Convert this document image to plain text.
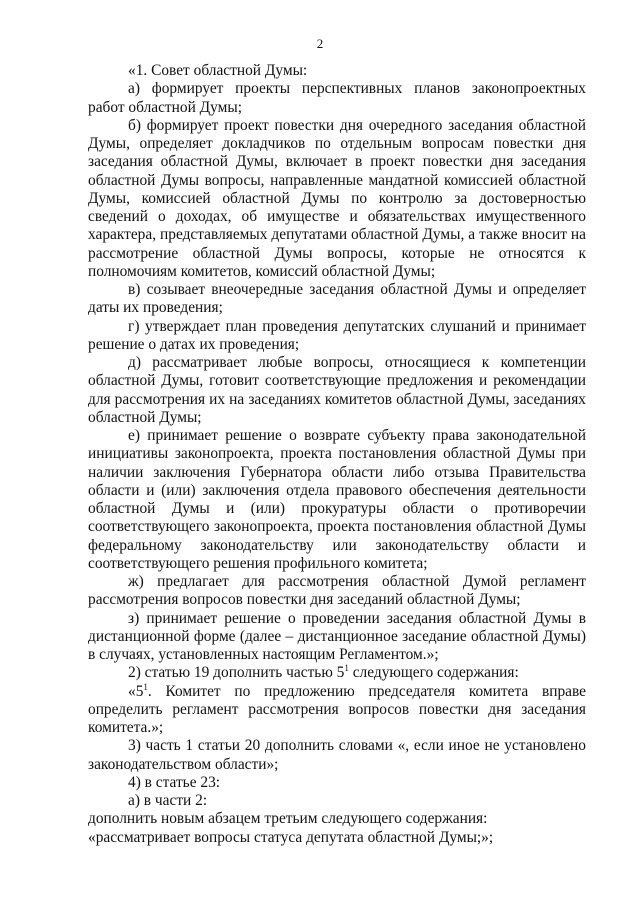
2

«1. Совет областной Думы:

а) формирует проекты перспективных планов законопроектных работ областной Думы;

б) формирует проект повестки дня очередного заседания областной Думы, определяет докладчиков по отдельным вопросам повестки дня заседания областной Думы, включает в проект повестки дня заседания областной Думы вопросы, направленные мандатной комиссией областной Думы, комиссией областной Думы по контролю за достоверностью сведений о доходах, об имуществе и обязательствах имущественного характера, представляемых депутатами областной Думы, а также вносит на рассмотрение областной Думы вопросы, которые не относятся к полномочиям комитетов, комиссий областной Думы;

в) созывает внеочередные заседания областной Думы и определяет даты их проведения;

г) утверждает план проведения депутатских слушаний и принимает решение о датах их проведения;

д) рассматривает любые вопросы, относящиеся к компетенции областной Думы, готовит соответствующие предложения и рекомендации для рассмотрения их на заседаниях комитетов областной Думы, заседаниях областной Думы;

е) принимает решение о возврате субъекту права законодательной инициативы законопроекта, проекта постановления областной Думы при наличии заключения Губернатора области либо отзыва Правительства области и (или) заключения отдела правового обеспечения деятельности областной Думы и (или) прокуратуры области о противоречии соответствующего законопроекта, проекта постановления областной Думы федеральному законодательству или законодательству области и соответствующего решения профильного комитета;

ж) предлагает для рассмотрения областной Думой регламент рассмотрения вопросов повестки дня заседаний областной Думы;

з) принимает решение о проведении заседания областной Думы в дистанционной форме (далее – дистанционное заседание областной Думы) в случаях, установленных настоящим Регламентом.»;

2) статью 19 дополнить частью $5^1$ следующего содержания:

«$5^1$. Комитет по предложению председателя комитета вправе определить регламент рассмотрения вопросов повестки дня заседания комитета.»;

3) часть 1 статьи 20 дополнить словами «, если иное не установлено законодательством области»;

4) в статье 23:

а) в части 2:

дополнить новым абзацем третьим следующего содержания:

«рассматривает вопросы статуса депутата областной Думы;»;
